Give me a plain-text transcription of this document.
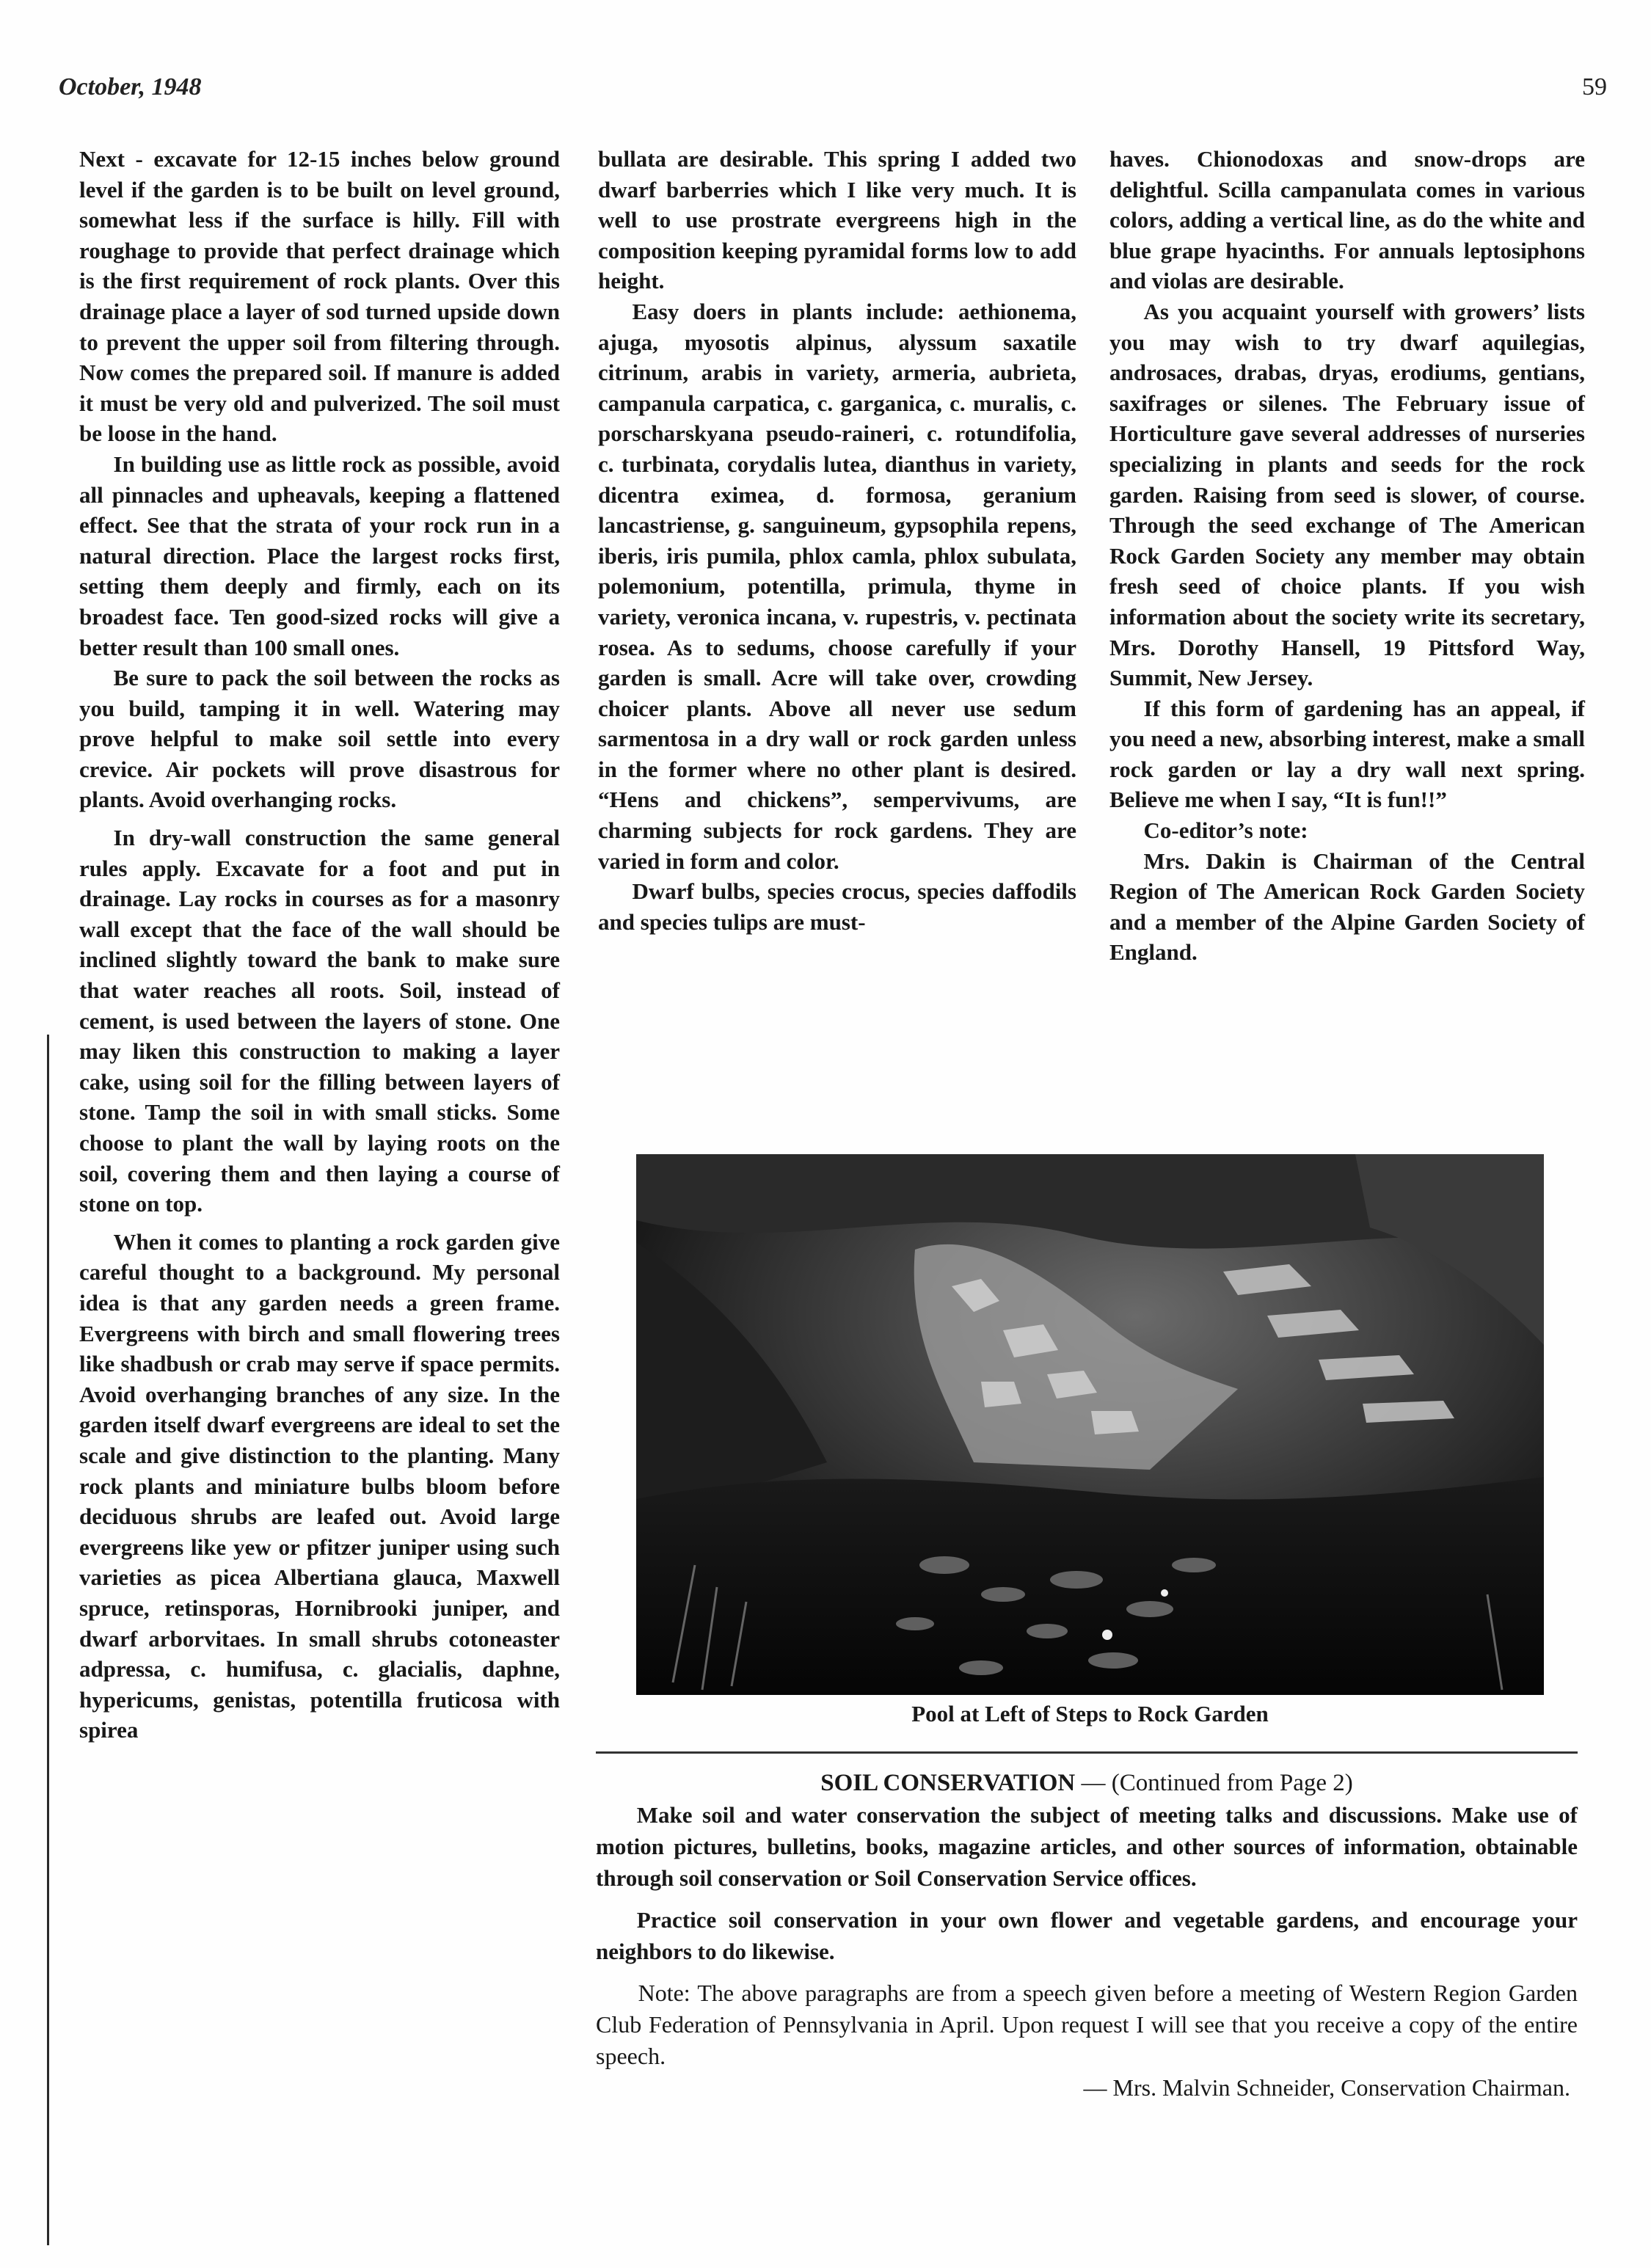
October, 1948	59

Next - excavate for 12-15 inches below ground level if the garden is to be built on level ground, somewhat less if the surface is hilly. Fill with roughage to provide that perfect drainage which is the first requirement of rock plants. Over this drainage place a layer of sod turned upside down to prevent the upper soil from filtering through. Now comes the prepared soil. If manure is added it must be very old and pulverized. The soil must be loose in the hand.

In building use as little rock as possible, avoid all pinnacles and upheavals, keeping a flattened effect. See that the strata of your rock run in a natural direction. Place the largest rocks first, setting them deeply and firmly, each on its broadest face. Ten good-sized rocks will give a better result than 100 small ones.

Be sure to pack the soil between the rocks as you build, tamping it in well. Watering may prove helpful to make soil settle into every crevice. Air pockets will prove disastrous for plants. Avoid overhanging rocks.

In dry-wall construction the same general rules apply. Excavate for a foot and put in drainage. Lay rocks in courses as for a masonry wall except that the face of the wall should be inclined slightly toward the bank to make sure that water reaches all roots. Soil, instead of cement, is used between the layers of stone. One may liken this construction to making a layer cake, using soil for the filling between layers of stone. Tamp the soil in with small sticks. Some choose to plant the wall by laying roots on the soil, covering them and then laying a course of stone on top.

When it comes to planting a rock garden give careful thought to a background. My personal idea is that any garden needs a green frame. Evergreens with birch and small flowering trees like shadbush or crab may serve if space permits. Avoid overhanging branches of any size. In the garden itself dwarf evergreens are ideal to set the scale and give distinction to the planting. Many rock plants and miniature bulbs bloom before deciduous shrubs are leafed out. Avoid large evergreens like yew or pfitzer juniper using such varieties as picea Albertiana glauca, Maxwell spruce, retinsporas, Hornibrooki juniper, and dwarf arborvitaes. In small shrubs cotoneaster adpressa, c. humifusa, c. glacialis, daphne, hypericums, genistas, potentilla fruticosa with spirea

bullata are desirable. This spring I added two dwarf barberries which I like very much. It is well to use prostrate evergreens high in the composition keeping pyramidal forms low to add height.

Easy doers in plants include: aethionema, ajuga, myosotis alpinus, alyssum saxatile citrinum, arabis in variety, armeria, aubrieta, campanula carpatica, c. garganica, c. muralis, c. porscharskyana pseudo-raineri, c. rotundifolia, c. turbinata, corydalis lutea, dianthus in variety, dicentra eximea, d. formosa, geranium lancastriense, g. sanguineum, gypsophila repens, iberis, iris pumila, phlox camla, phlox subulata, polemonium, potentilla, primula, thyme in variety, veronica incana, v. rupestris, v. pectinata rosea. As to sedums, choose carefully if your garden is small. Acre will take over, crowding choicer plants. Above all never use sedum sarmentosa in a dry wall or rock garden unless in the former where no other plant is desired. “Hens and chickens”, sempervivums, are charming subjects for rock gardens. They are varied in form and color.

Dwarf bulbs, species crocus, species daffodils and species tulips are must-

haves. Chionodoxas and snow-drops are delightful. Scilla campanulata comes in various colors, adding a vertical line, as do the white and blue grape hyacinths. For annuals leptosiphons and violas are desirable.

As you acquaint yourself with growers’ lists you may wish to try dwarf aquilegias, androsaces, drabas, dryas, erodiums, gentians, saxifrages or silenes. The February issue of Horticulture gave several addresses of nurseries specializing in plants and seeds for the rock garden. Raising from seed is slower, of course. Through the seed exchange of The American Rock Garden Society any member may obtain fresh seed of choice plants. If you wish information about the society write its secretary, Mrs. Dorothy Hansell, 19 Pittsford Way, Summit, New Jersey.

If this form of gardening has an appeal, if you need a new, absorbing interest, make a small rock garden or lay a dry wall next spring. Believe me when I say, “It is fun!!”

Co-editor’s note:

Mrs. Dakin is Chairman of the Central Region of The American Rock Garden Society and a member of the Alpine Garden Society of England.

Pool at Left of Steps to Rock Garden
SOIL CONSERVATION — (Continued from Page 2)

Make soil and water conservation the subject of meeting talks and discussions. Make use of motion pictures, bulletins, books, magazine articles, and other sources of information, obtainable through soil conservation or Soil Conservation Service offices.

Practice soil conservation in your own flower and vegetable gardens, and encourage your neighbors to do likewise.

Note: The above paragraphs are from a speech given before a meeting of Western Region Garden Club Federation of Pennsylvania in April. Upon request I will see that you receive a copy of the entire speech.

— Mrs. Malvin Schneider, Conservation Chairman.
